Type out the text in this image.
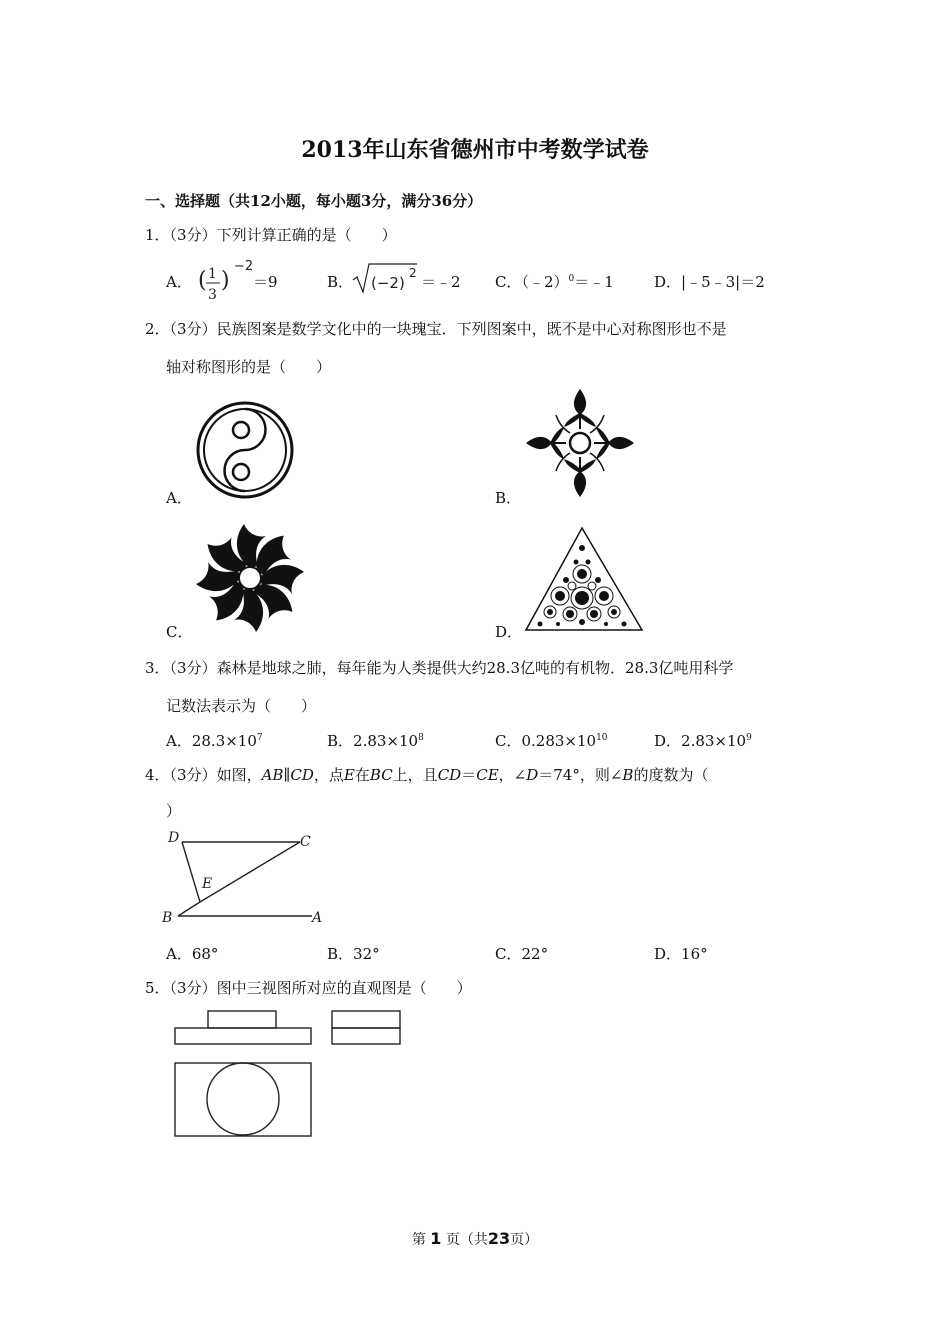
2013年山东省德州市中考数学试卷
一、选择题（共12小题，每小题3分，满分36分）
1．（3分）下列计算正确的是（　　）
A． ( 1
3
)
−2
＝9	B． (−2)
2 ＝﹣2 C．（﹣2）$^0$＝﹣1	D．|﹣5﹣3|＝2
2．（3分）民族图案是数学文化中的一块瑰宝．下列图案中，既不是中心对称图形也不是
轴对称图形的是（　　）
A．	B．
C．	D．
3．（3分）森林是地球之肺，每年能为人类提供大约28.3亿吨的有机物．28.3亿吨用科学
记数法表示为（　　）
A．$28.3\times 10^7$	B．$2.83\times 10^8$	C．$0.283\times 10^{10}$	D．$2.83\times 10^9$
4．（3分）如图，AB∥CD，点E在BC上，且CD＝CE，∠D＝74°，则∠B的度数为（
）
D	C
E
B	A
A．68°	B．32°	C．22°	D．16°
5．（3分）图中三视图所对应的直观图是（　　）
第 1 页（共23页）
